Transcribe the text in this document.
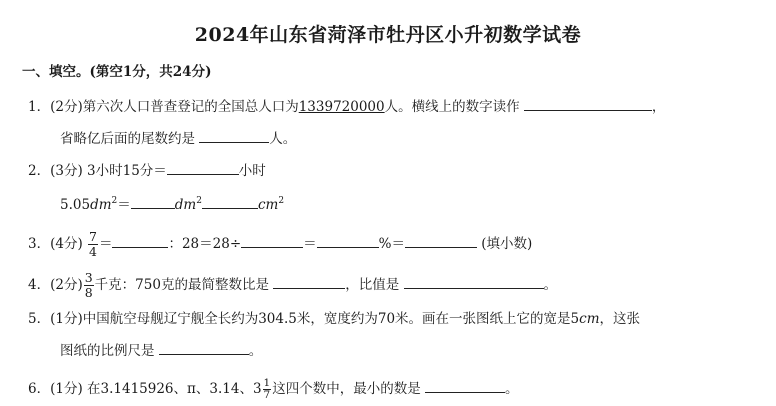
2024年山东省菏泽市牡丹区小升初数学试卷
一、填空。(第空1分，共24分)
1．(2分)第六次人口普查登记的全国总人口为1339720000人。横线上的数字读作	，
省略亿后面的尾数约是	人。
2．(3分) 3小时15分＝	小时
$5.05dm^2=$	$dm^2$	$cm^2$
3．(4分) $\frac{7}{4}$ ＝	：28＝28÷	＝	%＝	(填小数)
4．(2分) $\frac{3}{8}$ 千克：750克的最简整数比是	，比值是	。
5．(1分)中国航空母舰辽宁舰全长约为304.5米，宽度约为70米。画在一张图纸上它的宽是5cm，这张
图纸的比例尺是	。
6．(1分) 在3.1415926、π、3.14、$3 \frac{1}{7}$ 这四个数中，最小的数是	。
